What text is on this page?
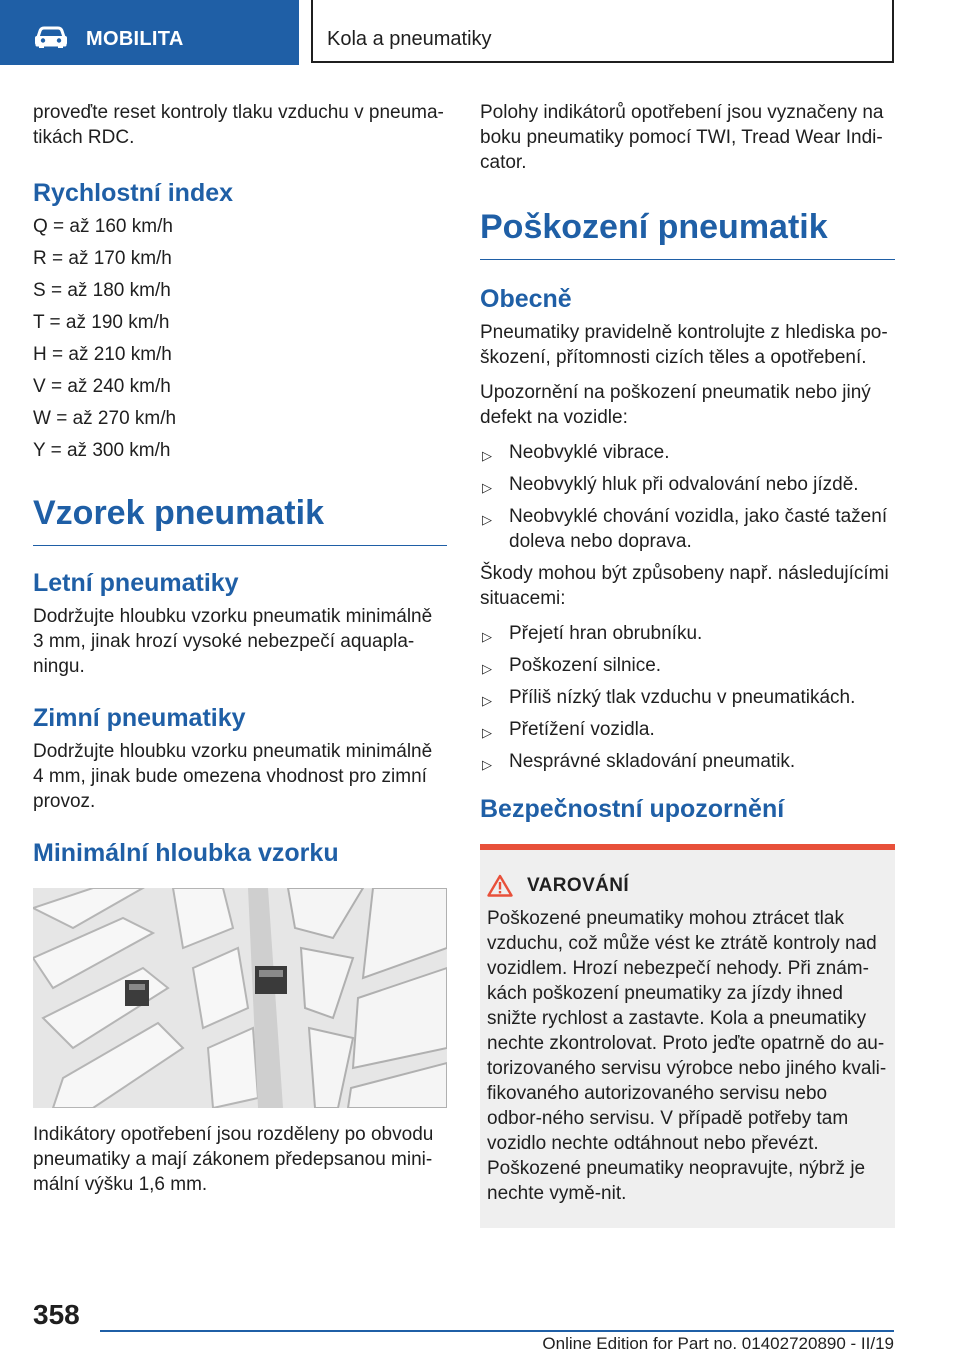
MOBILITA	Kola a pneumatiky

proveďte reset kontroly tlaku vzduchu v pneuma‐tikách RDC.

Rychlostní index

Q = až 160 km/h

R = až 170 km/h

S = až 180 km/h

T = až 190 km/h

H = až 210 km/h

V = až 240 km/h

W = až 270 km/h

Y = až 300 km/h

Vzorek pneumatik
Letní pneumatiky

Dodržujte hloubku vzorku pneumatik minimálně 3 mm, jinak hrozí vysoké nebezpečí aquapla‐ningu.

Zimní pneumatiky

Dodržujte hloubku vzorku pneumatik minimálně 4 mm, jinak bude omezena vhodnost pro zimní provoz.

Minimální hloubka vzorku

Indikátory opotřebení jsou rozděleny po obvodu pneumatiky a mají zákonem předepsanou mini‐mální výšku 1,6 mm.

Polohy indikátorů opotřebení jsou vyznačeny na boku pneumatiky pomocí TWI, Tread Wear Indi‐cator.

Poškození pneumatik
Obecně

Pneumatiky pravidelně kontrolujte z hlediska po‐škození, přítomnosti cizích těles a opotřebení.

Upozornění na poškození pneumatik nebo jiný defekt na vozidle:

▷ Neobvyklé vibrace.
▷ Neobvyklý hluk při odvalování nebo jízdě.
▷ Neobvyklé chování vozidla, jako časté tažení doleva nebo doprava.

Škody mohou být způsobeny např. následujícími situacemi:

▷ Přejetí hran obrubníku.
▷ Poškození silnice.
▷ Příliš nízký tlak vzduchu v pneumatikách.
▷ Přetížení vozidla.
▷ Nesprávné skladování pneumatik.
Bezpečnostní upozornění
VAROVÁNÍ

Poškozené pneumatiky mohou ztrácet tlak vzduchu, což může vést ke ztrátě kontroly nad vozidlem. Hrozí nebezpečí nehody. Při znám‐kách poškození pneumatiky za jízdy ihned snižte rychlost a zastavte. Kola a pneumatiky nechte zkontrolovat. Proto jeďte opatrně do au‐torizovaného servisu výrobce nebo jiného kvali‐fikovaného autorizovaného servisu nebo odbor‐ného servisu. V případě potřeby tam vozidlo nechte odtáhnout nebo převézt. Poškozené pneumatiky neopravujte, nýbrž je nechte vymě‐nit.

358
Online Edition for Part no. 01402720890 - II/19
